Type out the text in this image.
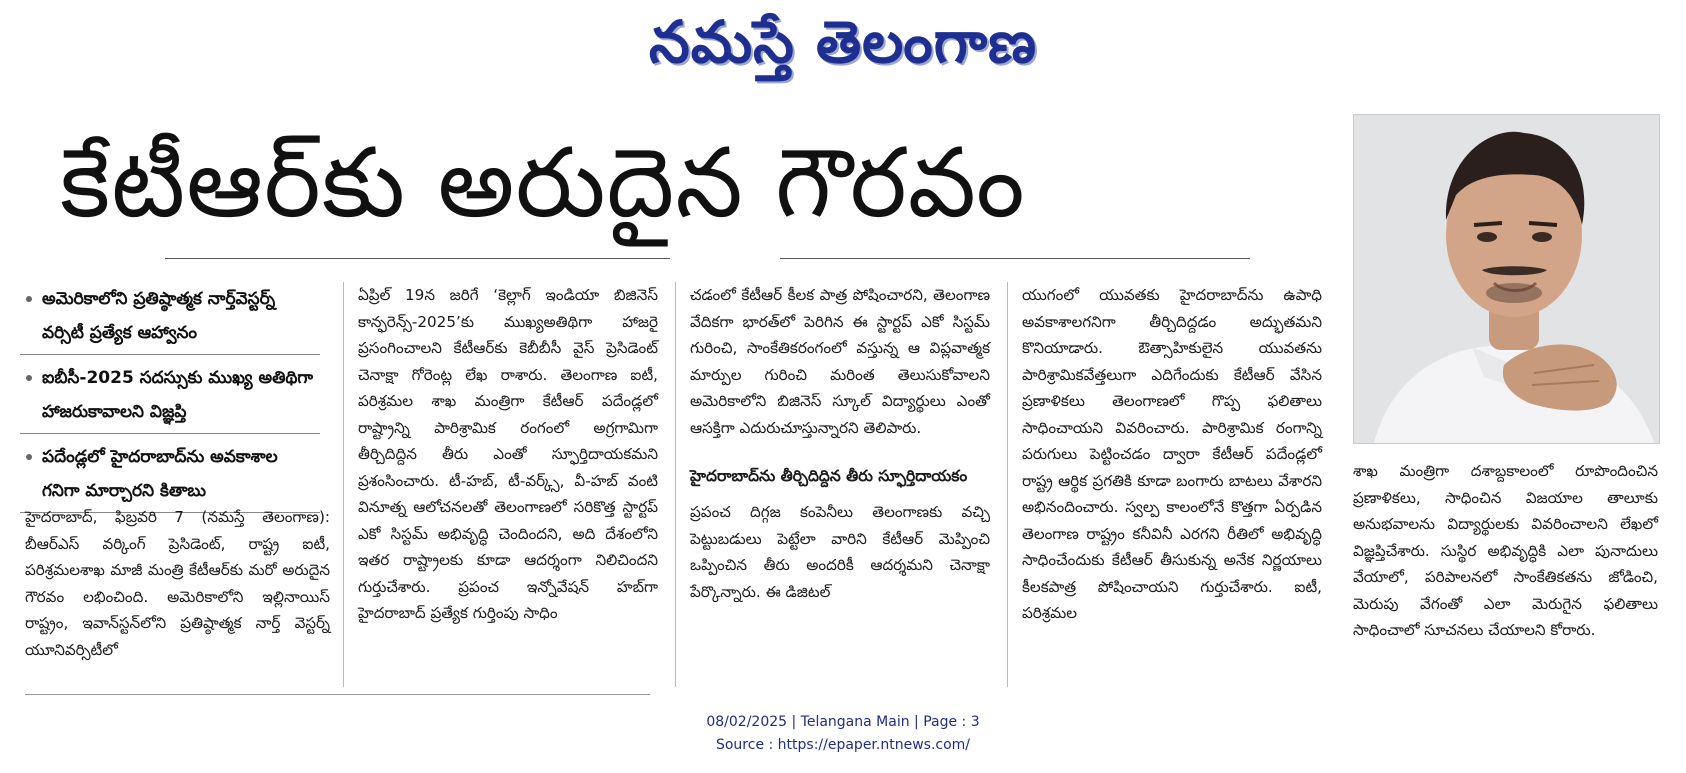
నమస్తే తెలంగాణ
కేటీఆర్‌కు అరుదైన గౌరవం
అమెరికాలోని ప్రతిష్ఠాత్మక నార్త్‌వెస్టర్న్ వర్సిటీ ప్రత్యేక ఆహ్వానం
ఐబీసీ-2025 సదస్సుకు ముఖ్య అతిథిగా హాజరుకావాలని విజ్ఞప్తి
పదేండ్లలో హైదరాబాద్‌ను అవకాశాల గనిగా మార్చారని కితాబు
హైదరాబాద్, ఫిబ్రవరి 7 (నమస్తే తెలంగాణ): బీఆర్‌ఎస్ వర్కింగ్ ప్రెసిడెంట్, రాష్ట్ర ఐటీ, పరిశ్రమలశాఖ మాజీ మంత్రి కేటీఆర్‌కు మరో అరుదైన గౌరవం లభించింది. అమెరికాలోని ఇల్లినాయిస్ రాష్ట్రం, ఇవాన్‌స్టన్‌లోని ప్రతిష్ఠాత్మక నార్త్ వెస్టర్న్ యూనివర్సిటీలో
ఏప్రిల్ 19న జరిగే ‘కెల్లాగ్ ఇండియా బిజినెస్ కాన్ఫరెన్స్-2025’కు ముఖ్యఅతిథిగా హాజరై ప్రసంగించాలని కేటీఆర్‌కు కెబీబీసీ వైస్ ప్రెసిడెంట్ చెనాక్షా గోరెంట్ల లేఖ రాశారు. తెలంగాణ ఐటీ, పరిశ్రమల శాఖ మంత్రిగా కేటీఆర్ పదేండ్లలో రాష్ట్రాన్ని పారిశ్రామిక రంగంలో అగ్రగామిగా తీర్చిదిద్దిన తీరు ఎంతో స్ఫూర్తిదాయకమని ప్రశంసించారు. టీ-హబ్, టీ-వర్క్స్, వీ-హబ్ వంటి వినూత్న ఆలోచనలతో తెలంగాణలో సరికొత్త స్టార్టప్ ఎకో సిస్టమ్ అభివృద్ధి చెందిందని, అది దేశంలోని ఇతర రాష్ట్రాలకు కూడా ఆదర్శంగా నిలిచిందని గుర్తుచేశారు. ప్రపంచ ఇన్నోవేషన్ హబ్‌గా హైదరాబాద్ ప్రత్యేక గుర్తింపు సాధిం
చడంలో కేటీఆర్ కీలక పాత్ర పోషించారని, తెలంగాణ వేదికగా భారత్‌లో పెరిగిన ఈ స్టార్టప్ ఎకో సిస్టమ్ గురించి, సాంకేతికరంగంలో వస్తున్న ఆ విప్లవాత్మక మార్పుల గురించి మరింత తెలుసుకోవాలని అమెరికాలోని బిజినెస్ స్కూల్ విద్యార్థులు ఎంతో ఆసక్తిగా ఎదురుచూస్తున్నారని తెలిపారు.
హైదరాబాద్‌ను తీర్చిదిద్దిన తీరు స్ఫూర్తిదాయకం
ప్రపంచ దిగ్గజ కంపెనీలు తెలంగాణకు వచ్చి పెట్టుబడులు పెట్టేలా వారిని కేటీఆర్ మెప్పించి ఒప్పించిన తీరు అందరికీ ఆదర్శమని చెనాక్షా పేర్కొన్నారు. ఈ డిజిటల్
యుగంలో యువతకు హైదరాబాద్‌ను ఉపాధి అవకాశాలగనిగా తీర్చిదిద్దడం అద్భుతమని కొనియాడారు. ఔత్సాహికులైన యువతను పారిశ్రామికవేత్తలుగా ఎదిగేందుకు కేటీఆర్ వేసిన ప్రణాళికలు తెలంగాణలో గొప్ప ఫలితాలు సాధించాయని వివరించారు. పారిశ్రామిక రంగాన్ని పరుగులు పెట్టించడం ద్వారా కేటీఆర్ పదేండ్లలో రాష్ట్ర ఆర్థిక ప్రగతికి కూడా బంగారు బాటలు వేశారని అభినందించారు. స్వల్ప కాలంలోనే కొత్తగా ఏర్పడిన తెలంగాణ రాష్ట్రం కనీవినీ ఎరగని రీతిలో అభివృద్ధి సాధించేందుకు కేటీఆర్ తీసుకున్న అనేక నిర్ణయాలు కీలకపాత్ర పోషించాయని గుర్తుచేశారు. ఐటీ, పరిశ్రమల
శాఖ మంత్రిగా దశాబ్దకాలంలో రూపొందించిన ప్రణాళికలు, సాధించిన విజయాల తాలూకు అనుభవాలను విద్యార్థులకు వివరించాలని లేఖలో విజ్ఞప్తిచేశారు. సుస్థిర అభివృద్ధికి ఎలా పునాదులు వేయాలో, పరిపాలనలో సాంకేతికతను జోడించి, మెరుపు వేగంతో ఎలా మెరుగైన ఫలితాలు సాధించాలో సూచనలు చేయాలని కోరారు.
08/02/2025 | Telangana Main | Page : 3
Source : https://epaper.ntnews.com/
